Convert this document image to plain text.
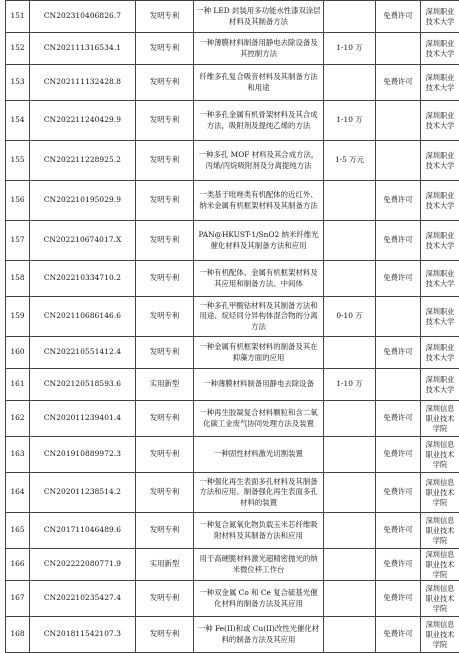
151	CN202310406826.7	发明专利	一种 LED 封装用多功能水性漆双涂层材料及其制备方法		免费许可	深圳职业技术大学
152	CN202111316534.1	发明专利	一种薄膜材料制备用静电去除设备及其控制方法	1-10 万		深圳职业技术大学
153	CN202111132428.8	发明专利	纤维多孔复合吸音材料及其制备方法和用途		免费许可	深圳职业技术大学
154	CN202211240429.9	发明专利	一种多孔金属有机骨架材料及其合成方法，吸附剂及提纯乙烯的方法	1-10 万		深圳职业技术大学
155	CN202211228925.2	发明专利	一种多孔 MOF 材料及其合成方法，丙烯/丙烷吸附剂及分离提纯方法	1-5 万元		深圳职业技术大学
156	CN202210195029.9	发明专利	一类基于吡唑类有机配体的近红外、纳米金属有机框架材料及其制备方法		免费许可	深圳职业技术大学
157	CN202210674017.X	发明专利	PAN@HKUST-1/SnO2 纳米纤维光催化材料及其制备方法和应用		免费许可	深圳职业技术大学
158	CN202210334710.2	发明专利	一种有机配体、金属有机框架材料及其应用和制备方法、中间体		免费许可	深圳职业技术大学
159	CN202110686146.6	发明专利	一种多孔甲酸钴材料及其制备方法和用途、烷烃同分异构体混合物的分离方法	0-10 万		深圳职业技术大学
160	CN202210551412.4	发明专利	一种金属有机框架材料的制备及其在抑藻方面的应用		免费许可	深圳职业技术大学
161	CN202120518593.6	实用新型	一种薄膜材料制备用静电去除设备	1-10 万		深圳职业技术大学
162	CN202011239401.4	发明专利	一种再生胶凝复合材料颗粒和含二氧化碳工业废气协同处理方法及装置		免费许可	深圳信息职业技术学院
163	CN201910889972.3	发明专利	一种固性材料激光切割装置		免费许可	深圳信息职业技术学院
164	CN202011238514.2	发明专利	一种强化再生表面多孔材料及其制备方法和应用、制备强化再生表面多孔材料的装置		免费许可	深圳信息职业技术学院
165	CN201711046489.6	发明专利	一种复合氮氧化物负载玉米芯纤维吸附材料及其制备方法和应用		免费许可	深圳信息职业技术学院
166	CN202222080771.9	实用新型	用于高硬脆材料激光超精密抛光的纳米微位移工作台		免费许可	深圳信息职业技术学院
167	CN202210235427.4	发明专利	一种双金属 Co 和 Ce 复合硫基光催化材料的制备方法及其应用		免费许可	深圳信息职业技术学院
168	CN201811542107.3	发明专利	一种 Fe(II)和或 Cu(II)改性光催化材料的制备方法及其应用		免费许可	深圳信息职业技术学院
